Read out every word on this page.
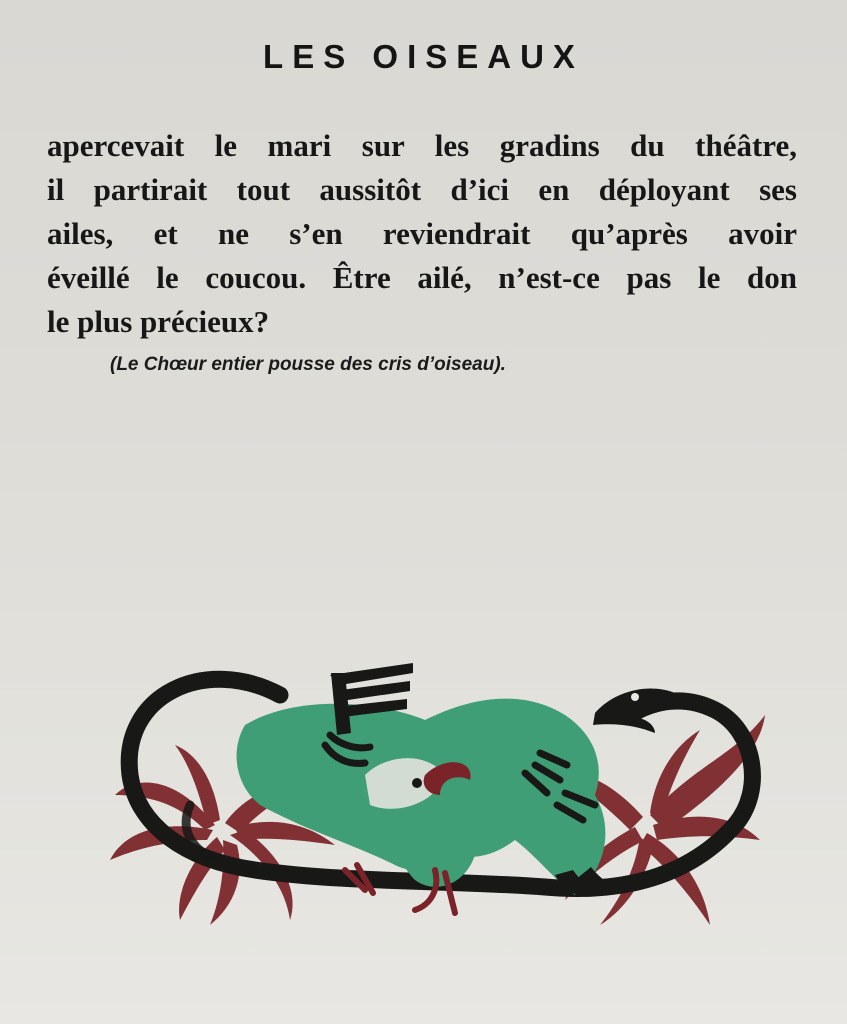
LES OISEAUX
apercevait le mari sur les gradins du théâtre,
il partirait tout aussitôt d’ici en déployant ses
ailes, et ne s’en reviendrait qu’après avoir
éveillé le coucou. Être ailé, n’est-ce pas le don
le plus précieux?
(Le Chœur entier pousse des cris d’oiseau).
